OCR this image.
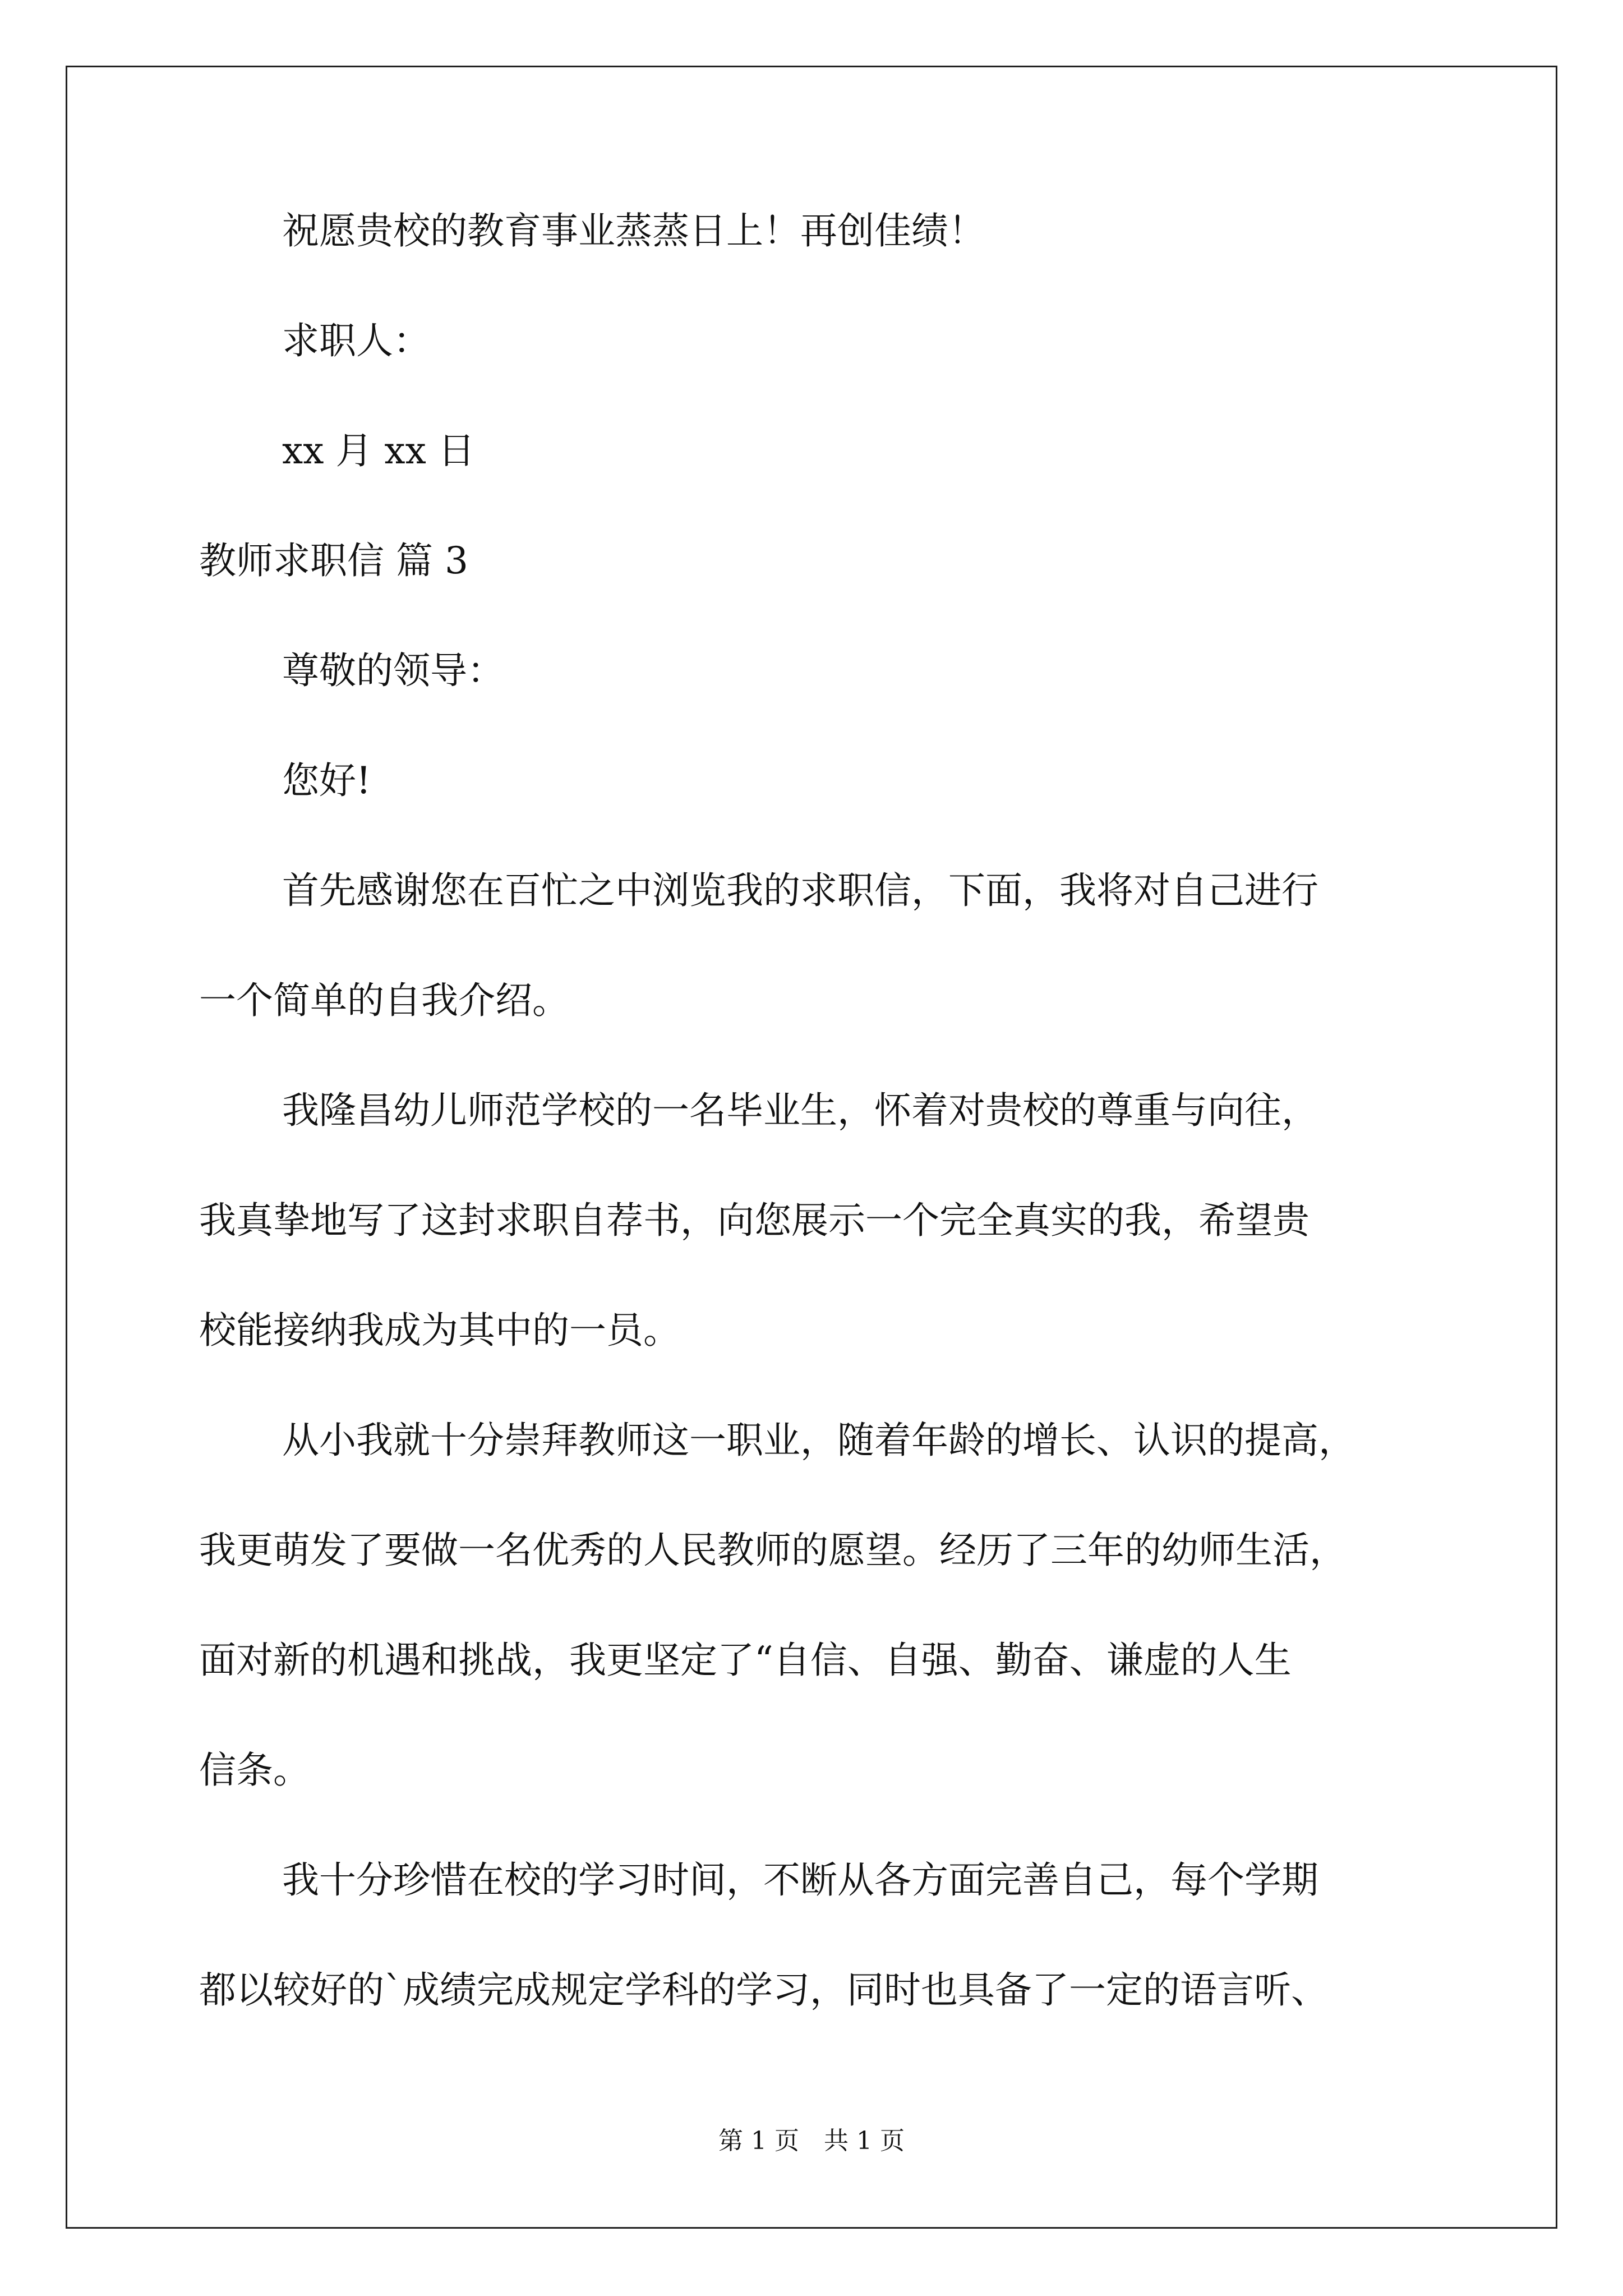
祝愿贵校的教育事业蒸蒸日上！再创佳绩！

求职人：

xx 月 xx 日

教师求职信 篇 3

尊敬的领导：

您好!

首先感谢您在百忙之中浏览我的求职信，下面，我将对自己进行

一个简单的自我介绍。

我隆昌幼儿师范学校的一名毕业生，怀着对贵校的尊重与向往，

我真挚地写了这封求职自荐书，向您展示一个完全真实的我，希望贵

校能接纳我成为其中的一员。

从小我就十分崇拜教师这一职业，随着年龄的增长、认识的提高，

我更萌发了要做一名优秀的人民教师的愿望。经历了三年的幼师生活，

面对新的机遇和挑战，我更坚定了“自信、自强、勤奋、谦虚的人生

信条。

我十分珍惜在校的学习时间，不断从各方面完善自己，每个学期

都以较好的`成绩完成规定学科的学习，同时也具备了一定的语言听、

第 1 页　共 1 页
